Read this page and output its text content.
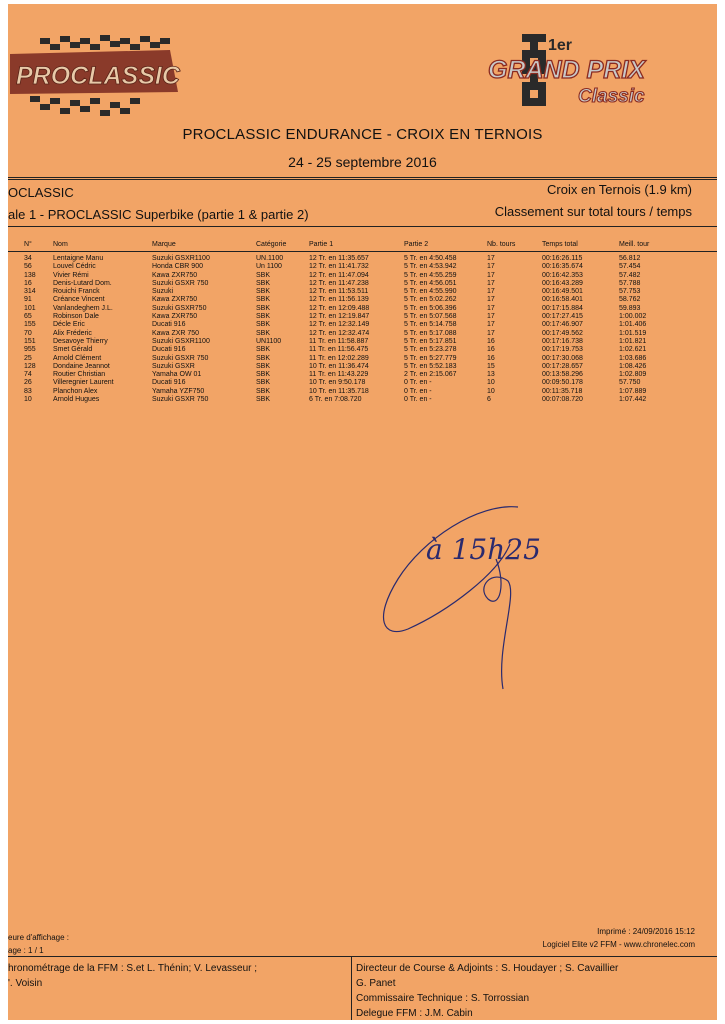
PROCLASSIC
1er
GRAND PRIX
Classic
PROCLASSIC ENDURANCE - CROIX EN TERNOIS
24 - 25 septembre 2016
OCLASSIC	Croix en Ternois (1.9 km)
ale 1 - PROCLASSIC Superbike (partie 1 & partie 2)	Classement sur total tours / temps
N°	Nom	Marque	Catégorie	Partie 1	Partie 2	Nb. tours	Temps total	Meill. tour
34	Lentaigne Manu	Suzuki GSXR1100	UN.1100	12 Tr. en 11:35.657	5 Tr. en 4:50.458	17	00:16:26.115	56.812
56	Louvel Cédric	Honda CBR 900	Un 1100	12 Tr. en 11:41.732	5 Tr. en 4:53.942	17	00:16:35.674	57.454
138 Vivier Rémi	Kawa ZXR750	SBK	12 Tr. en 11:47.094	5 Tr. en 4:55.259	17	00:16:42.353	57.482
16	Denis-Lutard Dom.	Suzuki GSXR 750	SBK	12 Tr. en 11:47.238	5 Tr. en 4:56.051	17	00:16:43.289	57.788
314 Rouichi Franck	Suzuki	SBK	12 Tr. en 11:53.511	5 Tr. en 4:55.990	17	00:16:49.501	57.753
91	Créance Vincent	Kawa ZXR750	SBK	12 Tr. en 11:56.139	5 Tr. en 5:02.262	17	00:16:58.401	58.762
101 Vanlandeghem J.L.	Suzuki GSXR750	SBK	12 Tr. en 12:09.488	5 Tr. en 5:06.396	17	00:17:15.884	59.893
65	Robinson Dale	Kawa ZXR750	SBK	12 Tr. en 12:19.847	5 Tr. en 5:07.568	17	00:17:27.415	1:00.002
155 Décle Eric	Ducati 916	SBK	12 Tr. en 12:32.149	5 Tr. en 5:14.758	17	00:17:46.907	1:01.406
70	Alix Fréderic	Kawa ZXR 750	SBK	12 Tr. en 12:32.474	5 Tr. en 5:17.088	17	00:17:49.562	1:01.519
151 Desavoye Thierry	Suzuki GSXR1100	UN1100	11 Tr. en 11:58.887	5 Tr. en 5:17.851	16	00:17:16.738	1:01.821
955 Smet Gérald	Ducati 916	SBK	11 Tr. en 11:56.475	5 Tr. en 5:23.278	16	00:17:19.753	1:02.621
25	Arnold Clément	Suzuki GSXR 750	SBK	11 Tr. en 12:02.289	5 Tr. en 5:27.779	16	00:17:30.068	1:03.686
128 Dondaine Jeannot	Suzuki GSXR	SBK	10 Tr. en 11:36.474	5 Tr. en 5:52.183	15	00:17:28.657	1:08.426
74	Routier Christian	Yamaha OW 01	SBK	11 Tr. en 11:43.229	2 Tr. en 2:15.067	13	00:13:58.296	1:02.809
26	Villeregnier Laurent	Ducati 916	SBK	10 Tr. en 9:50.178	0 Tr. en -	10	00:09:50.178	57.750
83	Planchon Alex	Yamaha YZF750	SBK	10 Tr. en 11:35.718	0 Tr. en -	10	00:11:35.718	1:07.889
10	Arnold Hugues	Suzuki GSXR 750	SBK	6 Tr. en 7:08.720	0 Tr. en -	6	00:07:08.720	1:07.442
à 15h25
eure d'affichage :
age : 1 / 1
Imprimé : 24/09/2016 15:12
Logiciel Elite v2 FFM - www.chronelec.com
hronométrage de la FFM : S.et L. Thénin; V. Levasseur ;
'. Voisin
Directeur de Course & Adjoints : S. Houdayer ; S. Cavaillier
G. Panet
Commissaire Technique : S. Torrossian
Delegue FFM : J.M. Cabin
